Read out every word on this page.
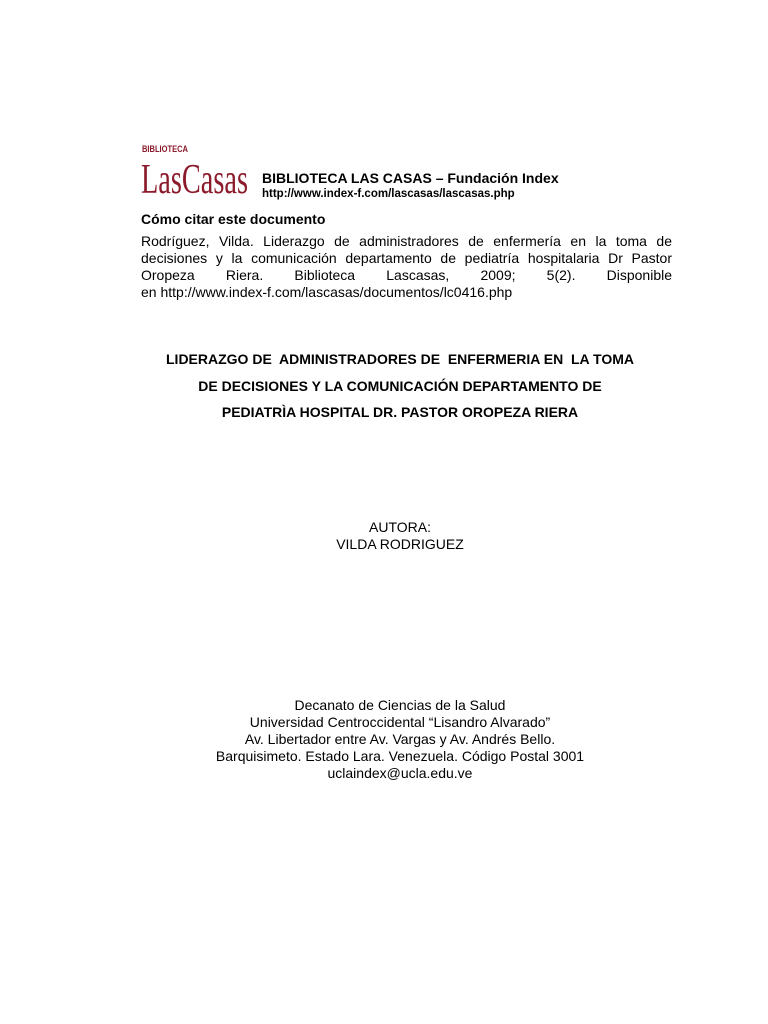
BIBLIOTECA
LasCasas BIBLIOTECA LAS CASAS – Fundación Index
http://www.index-f.com/lascasas/lascasas.php
Cómo citar este documento
Rodríguez, Vilda. Liderazgo de administradores de enfermería en la toma de
decisiones y la comunicación departamento de pediatría hospitalaria Dr Pastor
Oropeza Riera. Biblioteca Lascasas, 2009; 5(2). Disponible
en http://www.index-f.com/lascasas/documentos/lc0416.php
LIDERAZGO DE  ADMINISTRADORES DE  ENFERMERIA EN  LA TOMA
DE DECISIONES Y LA COMUNICACIÓN DEPARTAMENTO DE
PEDIATRÌA HOSPITAL DR. PASTOR OROPEZA RIERA
AUTORA:
VILDA RODRIGUEZ
Decanato de Ciencias de la Salud
Universidad Centroccidental “Lisandro Alvarado”
Av. Libertador entre Av. Vargas y Av. Andrés Bello.
Barquisimeto. Estado Lara. Venezuela. Código Postal 3001
uclaindex@ucla.edu.ve
